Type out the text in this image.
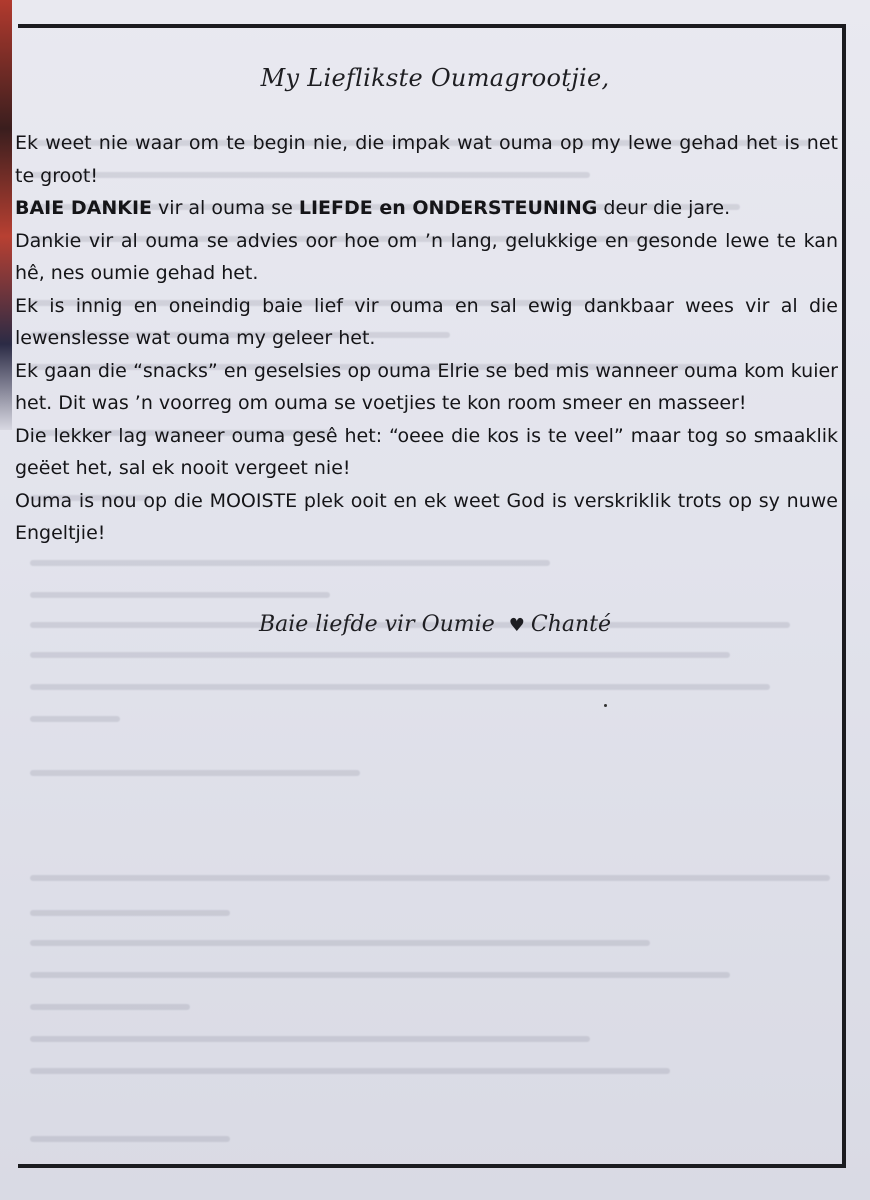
My Lieflikste Oumagrootjie,

Ek weet nie waar om te begin nie, die impak wat ouma op my lewe gehad het is net te groot!

BAIE DANKIE vir al ouma se LIEFDE en ONDERSTEUNING deur die jare.

Dankie vir al ouma se advies oor hoe om ’n lang, gelukkige en gesonde lewe te kan hê, nes oumie gehad het.

Ek is innig en oneindig baie lief vir ouma en sal ewig dankbaar wees vir al die lewenslesse wat ouma my geleer het.

Ek gaan die “snacks” en geselsies op ouma Elrie se bed mis wanneer ouma kom kuier het. Dit was ’n voorreg om ouma se voetjies te kon room smeer en masseer!

Die lekker lag waneer ouma gesê het: “oeee die kos is te veel” maar tog so smaaklik geëet het, sal ek nooit vergeet nie!

Ouma is nou op die MOOISTE plek ooit en ek weet God is verskriklik trots op sy nuwe Engeltjie!

Baie liefde vir Oumie ♥ Chanté
